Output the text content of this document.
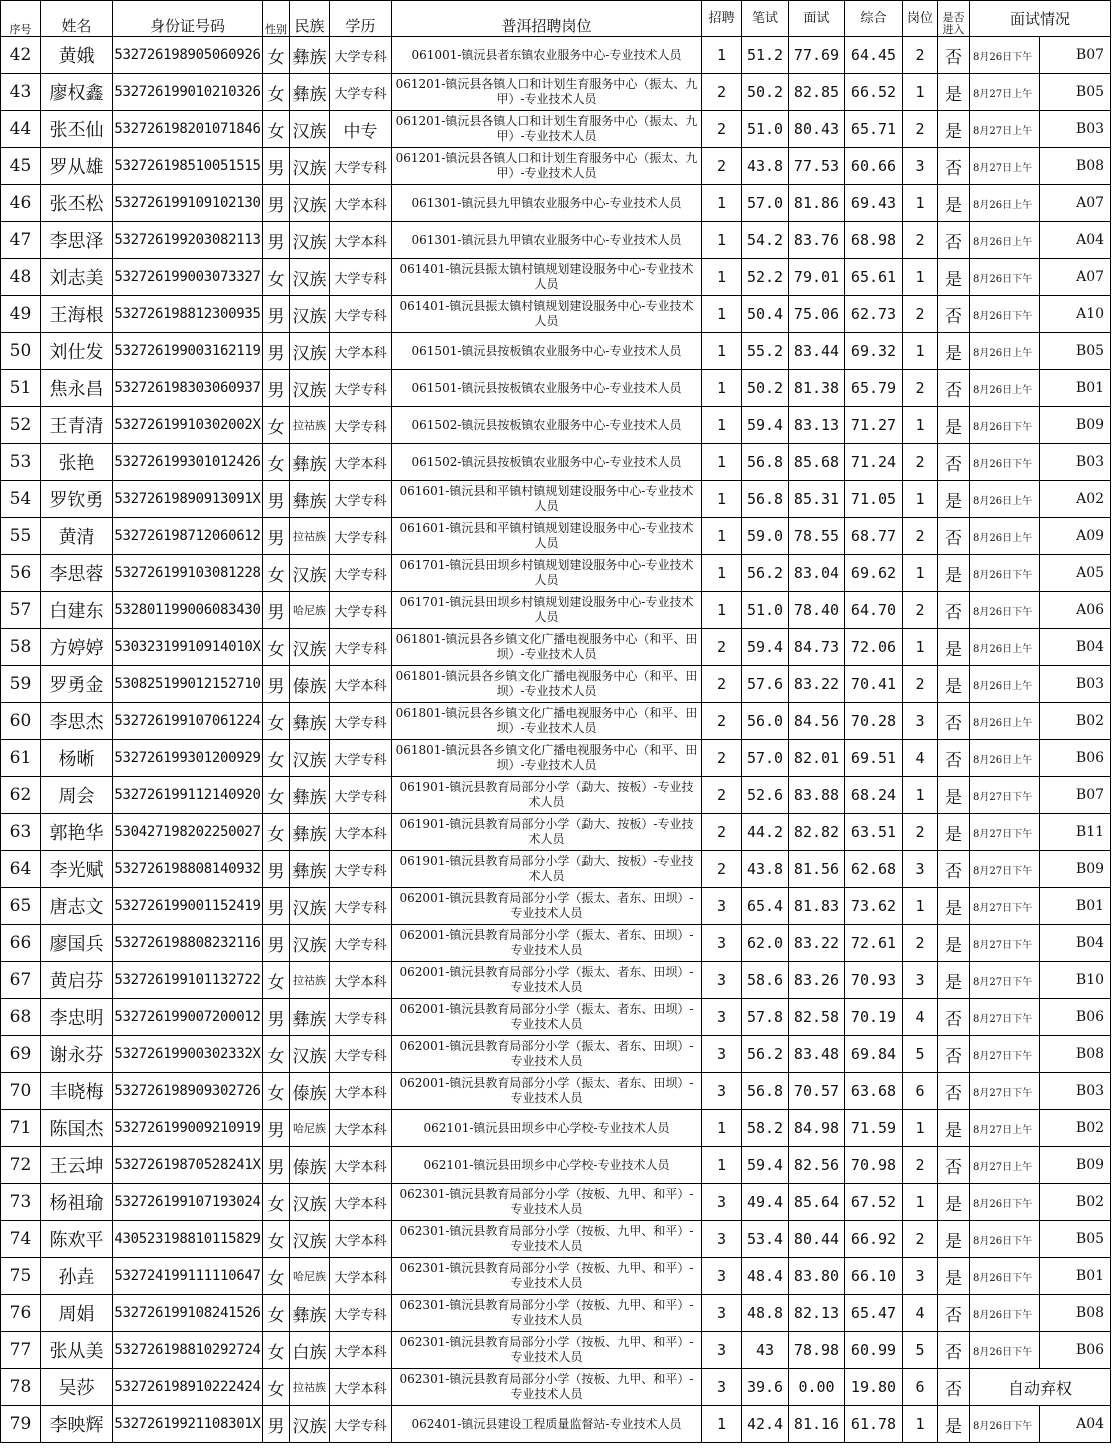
序号	姓名	身份证号码	性别	民族	学历	普洱招聘岗位	招聘	笔试	面试	综合	岗位	是否进入	面试情况	
42	黄娥	532726198905060926	女	彝族	大学专科	061001-镇沅县者东镇农业服务中心-专业技术人员	1	51.2	77.69	64.45	2	否	8月26日下午	B07
43	廖权鑫	532726199010210326	女	彝族	大学专科	061201-镇沅县各镇人口和计划生育服务中心（振太、九甲）-专业技术人员	2	50.2	82.85	66.52	1	是	8月27日上午	B05
44	张丕仙	532726198201071846	女	汉族	中专	061201-镇沅县各镇人口和计划生育服务中心（振太、九甲）-专业技术人员	2	51.0	80.43	65.71	2	是	8月27日上午	B03
45	罗从雄	532726198510051515	男	汉族	大学专科	061201-镇沅县各镇人口和计划生育服务中心（振太、九甲）-专业技术人员	2	43.8	77.53	60.66	3	否	8月27日上午	B08
46	张丕松	532726199109102130	男	汉族	大学本科	061301-镇沅县九甲镇农业服务中心-专业技术人员	1	57.0	81.86	69.43	1	是	8月26日上午	A07
47	李思泽	532726199203082113	男	汉族	大学本科	061301-镇沅县九甲镇农业服务中心-专业技术人员	1	54.2	83.76	68.98	2	否	8月26日上午	A04
48	刘志美	532726199003073327	女	汉族	大学专科	061401-镇沅县振太镇村镇规划建设服务中心-专业技术人员	1	52.2	79.01	65.61	1	是	8月26日下午	A07
49	王海根	532726198812300935	男	汉族	大学专科	061401-镇沅县振太镇村镇规划建设服务中心-专业技术人员	1	50.4	75.06	62.73	2	否	8月26日下午	A10
50	刘仕发	532726199003162119	男	汉族	大学本科	061501-镇沅县按板镇农业服务中心-专业技术人员	1	55.2	83.44	69.32	1	是	8月26日上午	B05
51	焦永昌	532726198303060937	男	汉族	大学专科	061501-镇沅县按板镇农业服务中心-专业技术人员	1	50.2	81.38	65.79	2	否	8月26日上午	B01
52	王青清	53272619910302002X	女	拉祜族	大学专科	061502-镇沅县按板镇农业服务中心-专业技术人员	1	59.4	83.13	71.27	1	是	8月26日下午	B09
53	张艳	532726199301012426	女	彝族	大学本科	061502-镇沅县按板镇农业服务中心-专业技术人员	1	56.8	85.68	71.24	2	否	8月26日下午	B03
54	罗钦勇	53272619890913091X	男	彝族	大学专科	061601-镇沅县和平镇村镇规划建设服务中心-专业技术人员	1	56.8	85.31	71.05	1	是	8月26日上午	A02
55	黄清	532726198712060612	男	拉祜族	大学专科	061601-镇沅县和平镇村镇规划建设服务中心-专业技术人员	1	59.0	78.55	68.77	2	否	8月26日上午	A09
56	李思蓉	532726199103081228	女	汉族	大学专科	061701-镇沅县田坝乡村镇规划建设服务中心-专业技术人员	1	56.2	83.04	69.62	1	是	8月26日下午	A05
57	白建东	532801199006083430	男	哈尼族	大学专科	061701-镇沅县田坝乡村镇规划建设服务中心-专业技术人员	1	51.0	78.40	64.70	2	否	8月26日下午	A06
58	方婷婷	53032319910914010X	女	汉族	大学专科	061801-镇沅县各乡镇文化广播电视服务中心（和平、田坝）-专业技术人员	2	59.4	84.73	72.06	1	是	8月26日上午	B04
59	罗勇金	530825199012152710	男	傣族	大学本科	061801-镇沅县各乡镇文化广播电视服务中心（和平、田坝）-专业技术人员	2	57.6	83.22	70.41	2	是	8月26日上午	B03
60	李思杰	532726199107061224	女	彝族	大学专科	061801-镇沅县各乡镇文化广播电视服务中心（和平、田坝）-专业技术人员	2	56.0	84.56	70.28	3	否	8月26日上午	B02
61	杨晰	532726199301200929	女	汉族	大学专科	061801-镇沅县各乡镇文化广播电视服务中心（和平、田坝）-专业技术人员	2	57.0	82.01	69.51	4	否	8月26日上午	B06
62	周会	532726199112140920	女	彝族	大学专科	061901-镇沅县教育局部分小学（勐大、按板）-专业技术人员	2	52.6	83.88	68.24	1	是	8月27日下午	B07
63	郭艳华	530427198202250027	女	彝族	大学本科	061901-镇沅县教育局部分小学（勐大、按板）-专业技术人员	2	44.2	82.82	63.51	2	是	8月27日下午	B11
64	李光赋	532726198808140932	男	彝族	大学专科	061901-镇沅县教育局部分小学（勐大、按板）-专业技术人员	2	43.8	81.56	62.68	3	否	8月27日下午	B09
65	唐志文	532726199001152419	男	汉族	大学专科	062001-镇沅县教育局部分小学（振太、者东、田坝）-专业技术人员	3	65.4	81.83	73.62	1	是	8月27日下午	B01
66	廖国兵	532726198808232116	男	汉族	大学专科	062001-镇沅县教育局部分小学（振太、者东、田坝）-专业技术人员	3	62.0	83.22	72.61	2	是	8月27日下午	B04
67	黄启芬	532726199101132722	女	拉祜族	大学本科	062001-镇沅县教育局部分小学（振太、者东、田坝）-专业技术人员	3	58.6	83.26	70.93	3	是	8月27日下午	B10
68	李忠明	532726199007200012	男	彝族	大学专科	062001-镇沅县教育局部分小学（振太、者东、田坝）-专业技术人员	3	57.8	82.58	70.19	4	否	8月27日下午	B06
69	谢永芬	53272619900302332X	女	汉族	大学专科	062001-镇沅县教育局部分小学（振太、者东、田坝）-专业技术人员	3	56.2	83.48	69.84	5	否	8月27日下午	B08
70	丰晓梅	532726198909302726	女	傣族	大学本科	062001-镇沅县教育局部分小学（振太、者东、田坝）-专业技术人员	3	56.8	70.57	63.68	6	否	8月27日下午	B03
71	陈国杰	532726199009210919	男	哈尼族	大学本科	062101-镇沅县田坝乡中心学校-专业技术人员	1	58.2	84.98	71.59	1	是	8月27日上午	B02
72	王云坤	53272619870528241X	男	傣族	大学本科	062101-镇沅县田坝乡中心学校-专业技术人员	1	59.4	82.56	70.98	2	否	8月27日上午	B09
73	杨祖瑜	532726199107193024	女	汉族	大学本科	062301-镇沅县教育局部分小学（按板、九甲、和平）-专业技术人员	3	49.4	85.64	67.52	1	是	8月26日下午	B02
74	陈欢平	430523198810115829	女	汉族	大学本科	062301-镇沅县教育局部分小学（按板、九甲、和平）-专业技术人员	3	53.4	80.44	66.92	2	是	8月26日下午	B05
75	孙垚	532724199111110647	女	哈尼族	大学本科	062301-镇沅县教育局部分小学（按板、九甲、和平）-专业技术人员	3	48.4	83.80	66.10	3	是	8月26日下午	B01
76	周娟	532726199108241526	女	彝族	大学专科	062301-镇沅县教育局部分小学（按板、九甲、和平）-专业技术人员	3	48.8	82.13	65.47	4	否	8月26日下午	B08
77	张从美	532726198810292724	女	白族	大学本科	062301-镇沅县教育局部分小学（按板、九甲、和平）-专业技术人员	3	43	78.98	60.99	5	否	8月26日下午	B06
78	吴莎	532726198910222424	女	拉祜族	大学本科	062301-镇沅县教育局部分小学（按板、九甲、和平）-专业技术人员	3	39.6	0.00	19.80	6	否	自动弃权	
79	李映辉	53272619921108301X	男	汉族	大学专科	062401-镇沅县建设工程质量监督站-专业技术人员	1	42.4	81.16	61.78	1	是	8月26日下午	A04
